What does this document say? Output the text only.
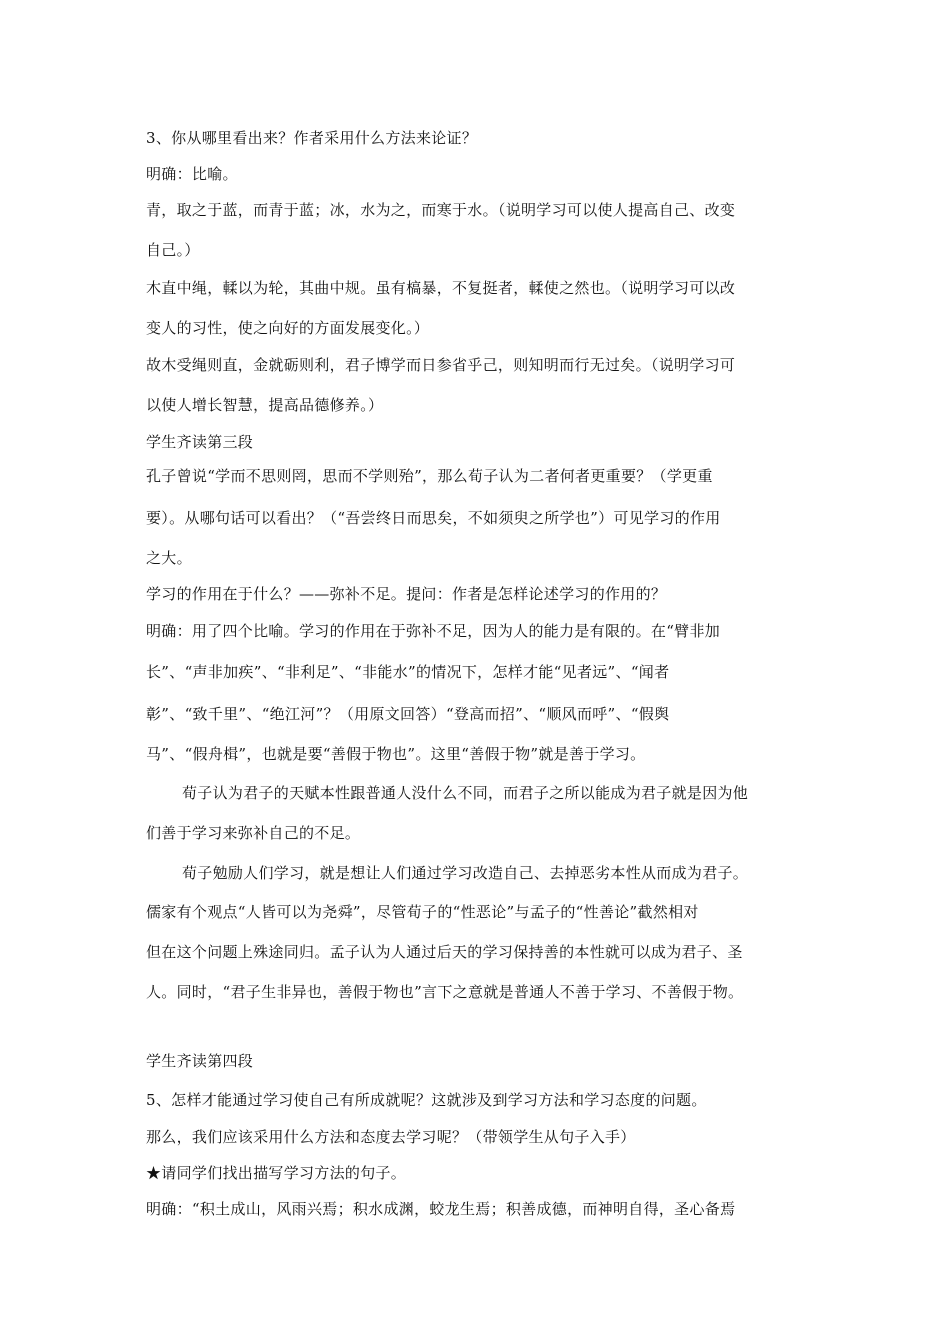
3、你从哪里看出来？作者采用什么方法来论证？
明确：比喻。
青，取之于蓝，而青于蓝；冰，水为之，而寒于水。（说明学习可以使人提高自己、改变
自己。）
木直中绳，輮以为轮，其曲中规。虽有槁暴，不复挺者，輮使之然也。（说明学习可以改
变人的习性，使之向好的方面发展变化。）
故木受绳则直，金就砺则利，君子博学而日参省乎己，则知明而行无过矣。（说明学习可
以使人增长智慧，提高品德修养。）
学生齐读第三段
孔子曾说“学而不思则罔，思而不学则殆”，那么荀子认为二者何者更重要？（学更重
要）。从哪句话可以看出？（“吾尝终日而思矣，不如须臾之所学也”）可见学习的作用
之大。
学习的作用在于什么？——弥补不足。提问：作者是怎样论述学习的作用的？
明确：用了四个比喻。学习的作用在于弥补不足，因为人的能力是有限的。在“臂非加
长”、“声非加疾”、“非利足”、“非能水”的情况下，怎样才能“见者远”、“闻者
彰”、“致千里”、“绝江河”？（用原文回答）“登高而招”、“顺风而呼”、“假舆
马”、“假舟楫”，也就是要“善假于物也”。这里“善假于物”就是善于学习。
荀子认为君子的天赋本性跟普通人没什么不同，而君子之所以能成为君子就是因为他
们善于学习来弥补自己的不足。
荀子勉励人们学习，就是想让人们通过学习改造自己、去掉恶劣本性从而成为君子。
儒家有个观点“人皆可以为尧舜”，尽管荀子的“性恶论”与孟子的“性善论”截然相对
但在这个问题上殊途同归。孟子认为人通过后天的学习保持善的本性就可以成为君子、圣
人。同时，“君子生非异也，善假于物也”言下之意就是普通人不善于学习、不善假于物。
学生齐读第四段
5、怎样才能通过学习使自己有所成就呢？这就涉及到学习方法和学习态度的问题。
那么，我们应该采用什么方法和态度去学习呢？（带领学生从句子入手）
★请同学们找出描写学习方法的句子。
明确：“积土成山，风雨兴焉；积水成渊，蛟龙生焉；积善成德，而神明自得，圣心备焉
